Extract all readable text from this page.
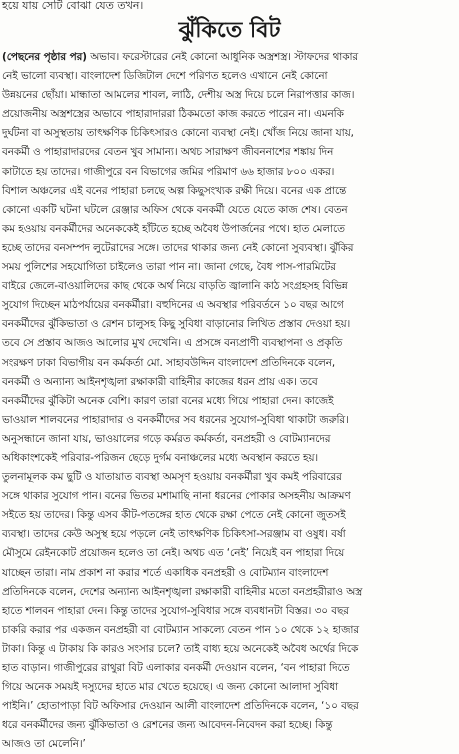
হয়ে যায় সেটি বোঝা যেত তখন।
ঝুঁকিতে বিট
(পেছনের পৃষ্ঠার পর) অভাব। ফরেস্টারের নেই কোনো আধুনিক অস্ত্রশস্ত্র। স্টাফদের থাকার
নেই ভালো ব্যবস্থা। বাংলাদেশ ডিজিটাল দেশে পরিণত হলেও এখানে নেই কোনো
উন্নয়নের ছোঁয়া। মান্ধাতা আমলের শাবল, লাঠি, দেশীয় অস্ত্র দিয়ে চলে নিরাপত্তার কাজ।
প্রয়োজনীয় অস্ত্রশস্ত্রের অভাবে পাহারাদাররা ঠিকমতো কাজ করতে পারেন না। এমনকি
দুর্ঘটনা বা অসুস্থতায় তাৎক্ষণিক চিকিৎসারও কোনো ব্যবস্থা নেই। খোঁজ নিয়ে জানা যায়,
বনকর্মী ও পাহারাদারদের বেতন খুব সামান্য। অথচ সারাক্ষণ জীবননাশের শঙ্কায় দিন
কাটাতে হয় তাদের। গাজীপুরে বন বিভাগের জমির পরিমাণ ৬৬ হাজার ৮০০ একর।
বিশাল অঞ্চলের এই বনের পাহারা চলছে অল্প কিছুসংখ্যক রক্ষী দিয়ে। বনের এক প্রান্তে
কোনো একটি ঘটনা ঘটলে রেঞ্জার অফিস থেকে বনকর্মী যেতে যেতে কাজ শেষ। বেতন
কম হওয়ায় বনকর্মীদের অনেককেই হাঁটতে হচ্ছে অবৈধ উপার্জনের পথে। হাত মেলাতে
হচ্ছে তাদের বনসম্পদ লুটেরাদের সঙ্গে। তাদের থাকার জন্য নেই কোনো সুব্যবস্থা। ঝুঁকির
সময় পুলিশের সহযোগিতা চাইলেও তারা পান না। জানা গেছে, বৈধ পাস-পারমিটের
বাইরে জেলে-বাওয়ালিদের কাছ থেকে অর্থ নিয়ে বাড়তি জ্বালানি কাঠ সংগ্রহসহ বিভিন্ন
সুযোগ দিচ্ছেন মাঠপর্যায়ের বনকর্মীরা। বহুদিনের এ অবস্থার পরিবর্তনে ১০ বছর আগে
বনকর্মীদের ঝুঁকিভাতা ও রেশন চালুসহ কিছু সুবিধা বাড়ানোর লিখিত প্রস্তাব দেওয়া হয়।
তবে সে প্রস্তাব আজও আলোর মুখ দেখেনি। এ প্রসঙ্গে বন্যপ্রাণী ব্যবস্থাপনা ও প্রকৃতি
সংরক্ষণ ঢাকা বিভাগীয় বন কর্মকর্তা মো. সাহাবউদ্দিন বাংলাদেশ প্রতিদিনকে বলেন,
বনকর্মী ও অন্যান্য আইনশৃঙ্খলা রক্ষাকারী বাহিনীর কাজের ধরন প্রায় এক। তবে
বনকর্মীদের ঝুঁকিটা অনেক বেশি। কারণ তারা বনের মধ্যে গিয়ে পাহারা দেন। কাজেই
ভাওয়াল শালবনের পাহারাদার ও বনকর্মীদের সব ধরনের সুযোগ-সুবিধা থাকাটা জরুরি।
অনুসন্ধানে জানা যায়, ভাওয়ালের গড়ে কর্মরত কর্মকর্তা, বনপ্রহরী ও বোটম্যানদের
অধিকাংশকেই পরিবার-পরিজন ছেড়ে দুর্গম বনাঞ্চলের মধ্যে অবস্থান করতে হয়।
তুলনামূলক কম ছুটি ও যাতায়াত ব্যবস্থা অমসৃণ হওয়ায় বনকর্মীরা খুব কমই পরিবারের
সঙ্গে থাকার সুযোগ পান। বনের ভিতর মশামাছি নানা ধরনের পোকার অসহনীয় আক্রমণ
সইতে হয় তাদের। কিন্তু এসব কীট-পতঙ্গের হাত থেকে রক্ষা পেতে নেই কোনো জুতসই
ব্যবস্থা। তাদের কেউ অসুস্থ হয়ে পড়লে নেই তাৎক্ষণিক চিকিৎসা-সরঞ্জাম বা ওষুধ। বর্ষা
মৌসুমে রেইনকোট প্রয়োজন হলেও তা নেই। অথচ এত ‘নেই’ নিয়েই বন পাহারা দিয়ে
যাচ্ছেন তারা। নাম প্রকাশ না করার শর্তে একাধিক বনপ্রহরী ও বোটম্যান বাংলাদেশ
প্রতিদিনকে বলেন, দেশের অন্যান্য আইনশৃঙ্খলা রক্ষাকারী বাহিনীর মতো বনপ্রহরীরাও অস্ত্র
হাতে শালবন পাহারা দেন। কিন্তু তাদের সুযোগ-সুবিধার সঙ্গে ব্যবধানটা বিস্তর। ৩০ বছর
চাকরি করার পর একজন বনপ্রহরী বা বোটম্যান সাকল্যে বেতন পান ১০ থেকে ১২ হাজার
টাকা। কিন্তু এ টাকায় কি কারও সংসার চলে? তাই বাধ্য হয়ে অনেকেই অবৈধ অর্থের দিকে
হাত বাড়ান। গাজীপুরের রাথুরা বিট এলাকার বনকর্মী দেওয়ান বলেন, ‘বন পাহারা দিতে
গিয়ে অনেক সময়ই দস্যুদের হাতে মার খেতে হয়েছে। এ জন্য কোনো আলাদা সুবিধা
পাইনি।’ হোতাপাড়া বিট অফিসার দেওয়ান আলী বাংলাদেশ প্রতিদিনকে বলেন, ‘১০ বছর
ধরে বনকর্মীদের জন্য ঝুঁকিভাতা ও রেশনের জন্য আবেদন-নিবেদন করা হচ্ছে। কিন্তু
আজও তা মেলেনি।’
